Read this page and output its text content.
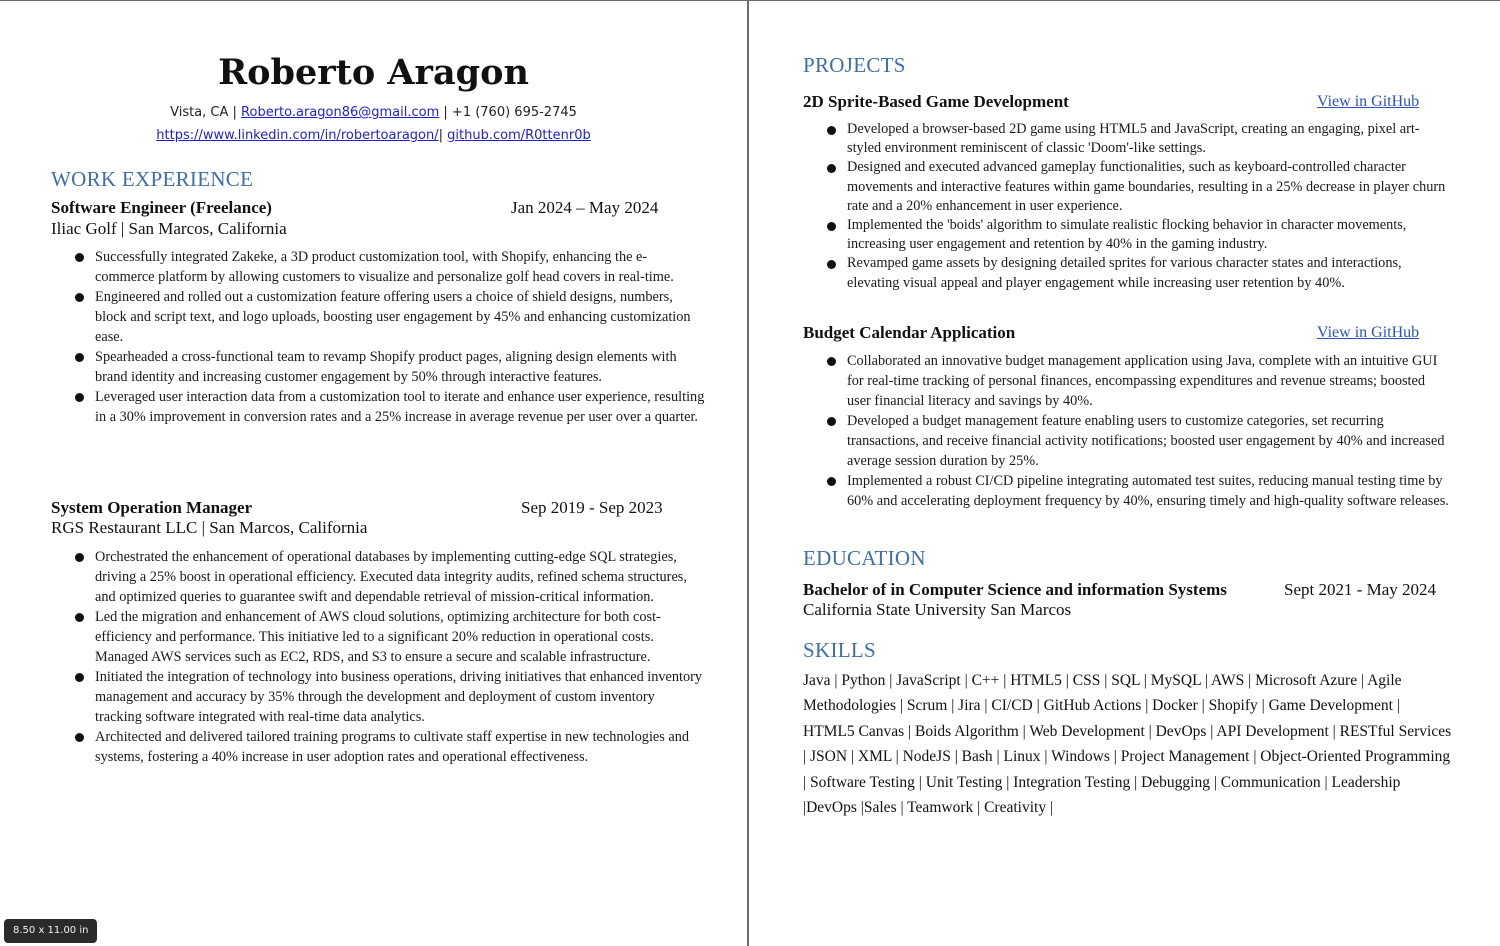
Roberto Aragon
Vista, CA | Roberto.aragon86@gmail.com | +1 (760) 695-2745
https://www.linkedin.com/in/robertoaragon/| github.com/R0ttenr0b
WORK EXPERIENCE
Software Engineer (Freelance)	Jan 2024 – May 2024
Iliac Golf | San Marcos, California
Successfully integrated Zakeke, a 3D product customization tool, with Shopify, enhancing the e-commerce platform by allowing customers to visualize and personalize golf head covers in real-time.
Engineered and rolled out a customization feature offering users a choice of shield designs, numbers, block and script text, and logo uploads, boosting user engagement by 45% and enhancing customization ease.
Spearheaded a cross-functional team to revamp Shopify product pages, aligning design elements with brand identity and increasing customer engagement by 50% through interactive features.
Leveraged user interaction data from a customization tool to iterate and enhance user experience, resulting in a 30% improvement in conversion rates and a 25% increase in average revenue per user over a quarter.
System Operation Manager	Sep 2019 - Sep 2023
RGS Restaurant LLC | San Marcos, California
Orchestrated the enhancement of operational databases by implementing cutting-edge SQL strategies, driving a 25% boost in operational efficiency. Executed data integrity audits, refined schema structures, and optimized queries to guarantee swift and dependable retrieval of mission-critical information.
Led the migration and enhancement of AWS cloud solutions, optimizing architecture for both cost-efficiency and performance. This initiative led to a significant 20% reduction in operational costs. Managed AWS services such as EC2, RDS, and S3 to ensure a secure and scalable infrastructure.
Initiated the integration of technology into business operations, driving initiatives that enhanced inventory management and accuracy by 35% through the development and deployment of custom inventory tracking software integrated with real-time data analytics.
Architected and delivered tailored training programs to cultivate staff expertise in new technologies and systems, fostering a 40% increase in user adoption rates and operational effectiveness.
8.50 x 11.00 in
PROJECTS
2D Sprite-Based Game Development	View in GitHub
Developed a browser-based 2D game using HTML5 and JavaScript, creating an engaging, pixel art-styled environment reminiscent of classic 'Doom'-like settings.
Designed and executed advanced gameplay functionalities, such as keyboard-controlled character movements and interactive features within game boundaries, resulting in a 25% decrease in player churn rate and a 20% enhancement in user experience.
Implemented the 'boids' algorithm to simulate realistic flocking behavior in character movements, increasing user engagement and retention by 40% in the gaming industry.
Revamped game assets by designing detailed sprites for various character states and interactions, elevating visual appeal and player engagement while increasing user retention by 40%.
Budget Calendar Application	View in GitHub
Collaborated an innovative budget management application using Java, complete with an intuitive GUI for real-time tracking of personal finances, encompassing expenditures and revenue streams; boosted user financial literacy and savings by 40%.
Developed a budget management feature enabling users to customize categories, set recurring transactions, and receive financial activity notifications; boosted user engagement by 40% and increased average session duration by 25%.
Implemented a robust CI/CD pipeline integrating automated test suites, reducing manual testing time by 60% and accelerating deployment frequency by 40%, ensuring timely and high-quality software releases.
EDUCATION
Bachelor of in Computer Science and information Systems	Sept 2021 - May 2024
California State University San Marcos
SKILLS
Java | Python | JavaScript | C++ | HTML5 | CSS | SQL | MySQL | AWS | Microsoft Azure | Agile Methodologies | Scrum | Jira | CI/CD | GitHub Actions | Docker | Shopify | Game Development | HTML5 Canvas | Boids Algorithm | Web Development | DevOps | API Development | RESTful Services | JSON | XML | NodeJS | Bash | Linux | Windows | Project Management | Object-Oriented Programming | Software Testing | Unit Testing | Integration Testing | Debugging | Communication | Leadership |DevOps |Sales | Teamwork | Creativity |
